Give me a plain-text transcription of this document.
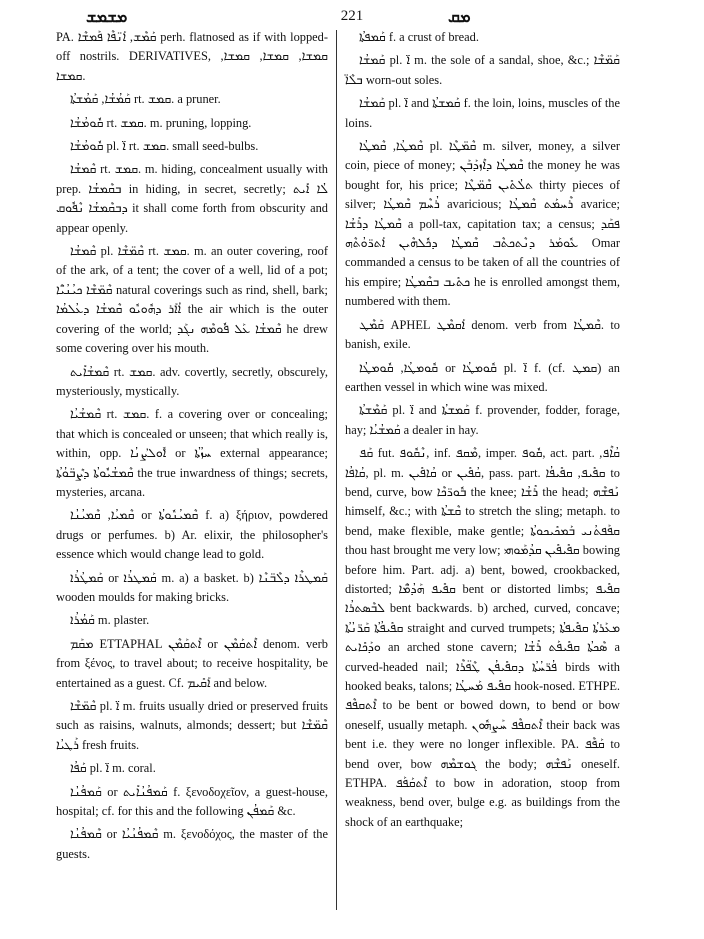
ܡܫܡܫ	221	ܡܩ

PA. ܩܰܡܶܫ, ܐܰܢ̈ܦܶܐ ܦܰܡܫܶܐ perh. flatnosed as if with lopped-off nostrils. DERIVATIVES, ܩܡܫܐ, ܩܡܫܐ, ܩܡܫܐ, ܩܡܫܐ.

ܩܰܡܳܫܳܐ, ܩܰܡܳܫܬܳܐ rt. ܩܡܫ. a pruner.

ܩܽܘܡܳܫܳܐ rt. ܩܡܫ. m. pruning, lopping.

ܩܽܘܡܳܫܳܐ pl. ܐ̈ rt. ܩܡܫ. small seed-bulbs.

ܩܶܡܫܳܐ rt. ܩܡܫ. m. hiding, concealment usually with prep. ܒܩܶܡܫܳܐ in hiding, in secret, secretly; ܠܳܐ ܐܺܝܬ ܕܒܩܶܡܫܳܐ ܢܶܦܽܘܩ it shall come forth from obscurity and appear openly.

ܩܶܡܫܳܐ pl. ܩܶܡ̈ܫܶܐ rt. ܩܡܫ. m. an outer covering, roof of the ark, of a tent; the cover of a well, lid of a pot; ܩܶܡ̈ܫܶܐ ܟܝܳܢܳܝ̈ܶܐ natural coverings such as rind, shell, bark; ܐܳܐܰܪ ܕܗܽܘܝܽܘ ܩܶܡܫܳܐ ܕܥܳܠܡܳܐ the air which is the outer covering of the world; ܩܶܡܫܳܐ ܥܰܠ ܦܽܘܡܶܗ ܢܓܰܕ he drew some covering over his mouth.

ܩܶܡܫܳܐܺܝܬ rt. ܩܡܫ. adv. covertly, secretly, obscurely, mysteriously, mystically.

ܩܶܡܫܳܝܳܐ rt. ܩܡܫ. f. a covering over or concealing; that which is concealed or unseen; that which really is, within, opp. ܐܽܘܠܨܳܢܳܐ or ܚܙܳܬܳܐ external appearance; ܩܶܡܫܳܝܽܘܬܳܐ ܕܨܶܒ̈ܘܳܬܳܐ the true inwardness of things; secrets, mysteries, arcana.

ܩܶܡܝܳܐ, ܩܶܡܝܳܢܳܐ or ܩܶܡܝܳܢܽܘܬܳܐ f. a) ξήριον, powdered drugs or perfumes. b) Ar. elixir, the philosopher's essence which would change lead to gold.

ܩܰܡܛܳܪܳܐ or ܩܰܡܛܪܳܐ m. a) a basket. b) ܩܰܡܛܪܶܐ ܕܠܶܒ̈ܢܶܐ wooden moulds for making bricks.

ܩܰܡܳܪܳܐ m. plaster.

ܡܩܰܡ ETTAPHAL ܐܶܬܩܰܡܶܢ or ܐܶܬܩܰܡܶܢ denom. verb from ξένος, to travel about; to receive hospitality, be entertained as a guest. Cf. ܐܰܩܺܝܡ and below.

ܩܶܡ̈ܫܶܐ pl. ܐ̈ m. fruits usually dried or preserved fruits such as raisins, walnuts, almonds; dessert; but ܩܶܡ̈ܫܶܐ ܪܰܛܝܳܐ fresh fruits.

ܩܰܦܳܐ pl. ܐ̈ m. coral.

ܩܰܡܦܳܢܳܐ or ܩܰܡܦܳܢܳܐܺܝܬ f. ξενοδοχεῖον, a guest-house, hospital; cf. for this and the following ܩܰܡܦܳܢ &c.

ܩܶܡܦܳܢܳܐ or ܩܶܡܦܳܢܳܝܳܐ m. ξενοδόχος, the master of the guests.

ܩܰܡܦܬܳܐ f. a crust of bread.

ܩܰܡܫܳܐ pl. ܐ̈ m. the sole of a sandal, shoe, &c.; ܩܰܡ̈ܫܶܐ ܒܠܶܐ̈ worn-out soles.

ܩܰܡܫܳܐ pl. ܐ̈ and ܩܰܡܫܬܳܐ f. the loin, loins, muscles of the loins.

ܩܶܡܛܳܐ, ܩܶܡܛܳܐ pl. ܩܶܡ̈ܛܶܐ m. silver, money, a silver coin, piece of money; ܩܶܡܛܳܐ ܕܐܶܙܕܰܒܰܢ the money he was bought for, his price; ܬܠܳܬܺܝܢ ܩܶܡ̈ܛܶܐ thirty pieces of silver; ܪܳܚܶܡ ܩܶܡܛܳܐ avaricious; ܪܶܚܡܰܬ ܩܶܡܛܳܐ avarice; ܩܶܡܛܳܐ ܕܪܺܫܳܐ a poll-tax, capitation tax; a census; ܦܩܰܕ ܥܽܘܡܰܪ ܕܢܶܬܟܬܶܒ ܩܶܡܛܳܐ ܕܟܽܠܗܶܝܢ ܐܰܬܪ̈ܘܳܬܶܗ Omar commanded a census to be taken of all the countries of his empire; ܟܬܺܝܒ ܒܩܶܡܛܳܐ he is enrolled amongst them, numbered with them.

ܩܰܡܶܛ APHEL ܐܰܩܡܶܛ denom. verb from ܩܶܡܛܳܐ. to banish, exile.

ܩܽܘܡܛܳܐ, ܩܽܘܡܛܳܐ or ܩܽܘܡܛܳܐ pl. ܐ̈ f. (cf. ܩܡܛ) an earthen vessel in which wine was mixed.

ܩܰܡܶܫܬܳܐ pl. ܐ̈ and ܩܰܡܫܬܳܐ f. provender, fodder, forage, hay; ܩܰܡܫܳܝܳܐ a dealer in hay.

ܩܰܦ fut. ܢܶܩܽܘܦ, inf. ܡܶܩܦ, imper. ܩܽܘܦ, act. part. ܩܳܐܶܦ, ܩܳܐܦܳܐ, pl. m. ܩܳܐܦܺܝܢ or ܩܳܦܺܝܢ, pass. part. ܩܦܺܝܦ, ܩܦܺܝܦܳܐ to bend, curve, bow ܒܽܘܪ̈ܟܶܐ the knee; ܪܺܫܳܐ the head; ܢܰܦܫܶܗ himself, &c.; with ܩܶܫܬܳܐ to stretch the sling; metaph. to bend, make flexible, make gentle; ܩܦܰܦܬܳܢܝ ܒܰܡܟܺܝܟܘܬܳܐ thou hast brought me very low; ܩܦܺܝܦܺܝܢ ܩܕܳܡܰܘܗܝ bowing before him. Part. adj. a) bent, bowed, crookbacked, distorted; ܩܦܺܝܦ ܗܰܕܳܡ̈ܶܐ bent or distorted limbs; ܩܦܺܝܦ ܠܒܶܣܬܪܳܐ bent backwards. b) arched, curved, concave; ܩܦܺܝܦܳܬܳܐ ܩܰܪ̈ܢܳܬܳܐ straight and curved trumpets; ܡܥܰܪܬܳܐ ܩܦܺܝܦܬܳܐ ܘܕܰܟܺܐܝܬ an arched stone cavern; ܣܶܟܬܳܐ ܩܦܺܝܦܰܬ ܪܺܫܳܐ a curved-headed nail; ܦܳܪ̈ܚܳܬܳܐ ܕܩܦܺܝܦܳܢ ܛܶܦ̈ܪܶܐ birds with hooked beaks, talons; ܩܦܺܝܦ ܡܰܚܛܳܐ hook-nosed. ETHPE. ܐܶܬܩܦܶܦ to be bent or bowed down, to bend or bow oneself, usually metaph. ܐܶܬܩܦܶܦ ܚܰܨܗܽܘܢ their back was bent i.e. they were no longer inflexible. PA. ܩܰܦܶܦ to bend over, bow ܓܘܫܡܶܗ the body; ܢܰܦܫܶܗ oneself. ETHPA. ܐܶܬܩܰܦܰܦ to bow in adoration, stoop from weakness, bend over, bulge e.g. as buildings from the shock of an earthquake;
